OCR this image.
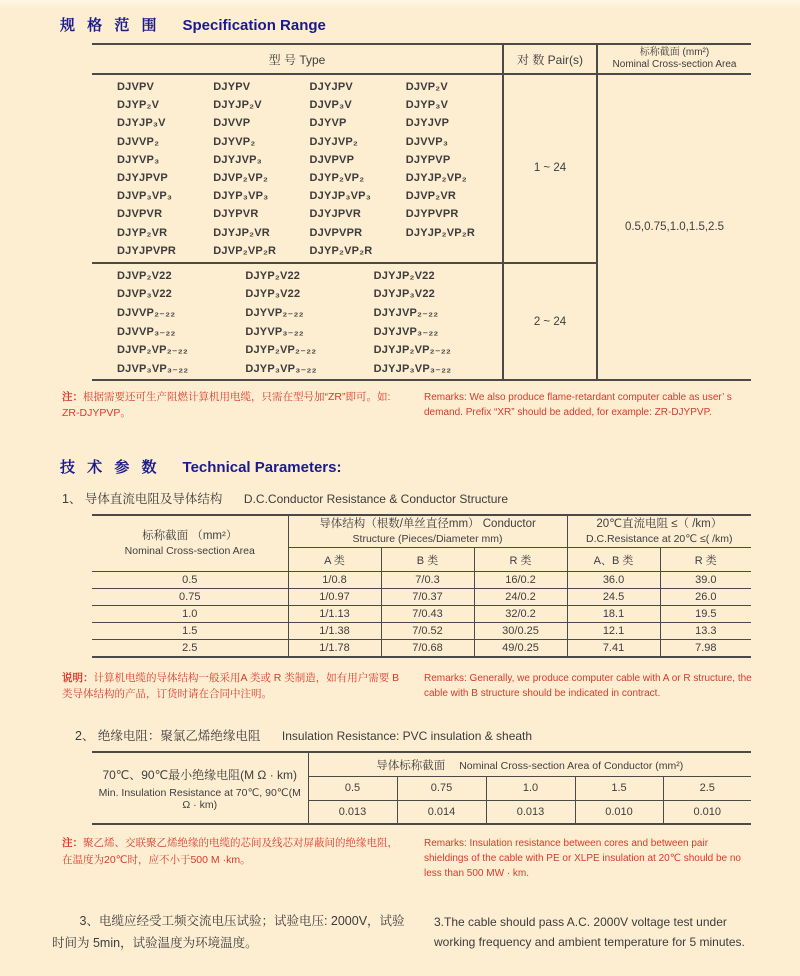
规 格 范 围 Specification Range
型 号 Type	对 数 Pair(s)
标称截面 (mm²)
Nominal Cross-section Area
DJVPV	DJYPV	DJYJPV	DJVP₂V
DJYP₂V	DJYJP₂V	DJVP₃V	DJYP₃V
DJYJP₃V	DJVVP	DJYVP	DJYJVP
DJVVP₂	DJYVP₂	DJYJVP₂	DJVVP₃
DJYVP₃	DJYJVP₃	DJVPVP	DJYPVP
DJYJPVP	DJVP₂VP₂	DJYP₂VP₂	DJYJP₂VP₂
DJVP₃VP₃	DJYP₃VP₃	DJYJP₃VP₃	DJVP₂VR
DJVPVR	DJYPVR	DJYJPVR	DJYPVPR
DJYP₂VR	DJYJP₂VR	DJVPVPR	DJYJP₂VP₂R
DJYJPVPR	DJVP₂VP₂R	DJYP₂VP₂R
1 ~ 24
0.5,0.75,1.0,1.5,2.5
DJVP₂V22	DJYP₂V22	DJYJP₂V22
DJVP₃V22	DJYP₃V22	DJYJP₃V22
DJVVP₂₋₂₂	DJYVP₂₋₂₂	DJYJVP₂₋₂₂
DJVVP₃₋₂₂	DJYVP₃₋₂₂	DJYJVP₃₋₂₂
DJVP₂VP₂₋₂₂	DJYP₂VP₂₋₂₂	DJYJP₂VP₂₋₂₂
DJVP₃VP₃₋₂₂	DJYP₃VP₃₋₂₂	DJYJP₃VP₃₋₂₂
2 ~ 24
注：根据需要还可生产阻燃计算机用电缆，只需在型号加“ZR”即可。如: ZR-DJYPVP。
Remarks: We also produce flame-retardant computer cable as user’ s demand. Prefix “XR” should be added, for example: ZR-DJYPVP.
技 术 参 数 Technical Parameters:
1、 导体直流电阻及导体结构 D.C.Conductor Resistance & Conductor Structure
标称截面 （mm²）
Nominal Cross-section Area

导体结构（根数/单丝直径mm） Conductor
Structure (Pieces/Diameter mm)

20℃直流电阻 ≤（ /km）
D.C.Resistance at 20℃ ≤( /km)

	A 类	B 类	R 类	A、B 类	R 类
0.5	1/0.8	7/0.3	16/0.2	36.0	39.0
0.75	1/0.97	7/0.37	24/0.2	24.5	26.0
1.0	1/1.13	7/0.43	32/0.2	18.1	19.5
1.5	1/1.38	7/0.52	30/0.25	12.1	13.3
2.5	1/1.78	7/0.68	49/0.25	7.41	7.98
说明：计算机电缆的导体结构一般采用A 类或 R 类制造，如有用户需要 B 类导体结构的产品，订货时请在合同中注明。
Remarks: Generally, we produce computer cable with A or R structure, the cable with B structure should be indicated in contract.
2、 绝缘电阻：聚氯乙烯绝缘电阻 Insulation Resistance: PVC insulation & sheath
70℃、90℃最小绝缘电阻(M Ω · km)
Min. Insulation Resistance at 70℃, 90℃(M Ω · km)	导体标称截面 Nominal Cross-section Area of Conductor (mm²)				
	0.5	0.75	1.0	1.5	2.5
	0.013	0.014	0.013	0.010	0.010
注：聚乙烯、交联聚乙烯绝缘的电缆的芯间及线芯对屏蔽间的绝缘电阻，在温度为20℃时，应不小于500 M ·km。
Remarks: Insulation resistance between cores and between pair shieldings of the cable with PE or XLPE insulation at 20℃ should be no less than 500 MW · km.
3、电缆应经受工频交流电压试验；试验电压: 2000V，试验时间为 5min，试验温度为环境温度。
3.The cable should pass A.C. 2000V voltage test under working frequency and ambient temperature for 5 minutes.
